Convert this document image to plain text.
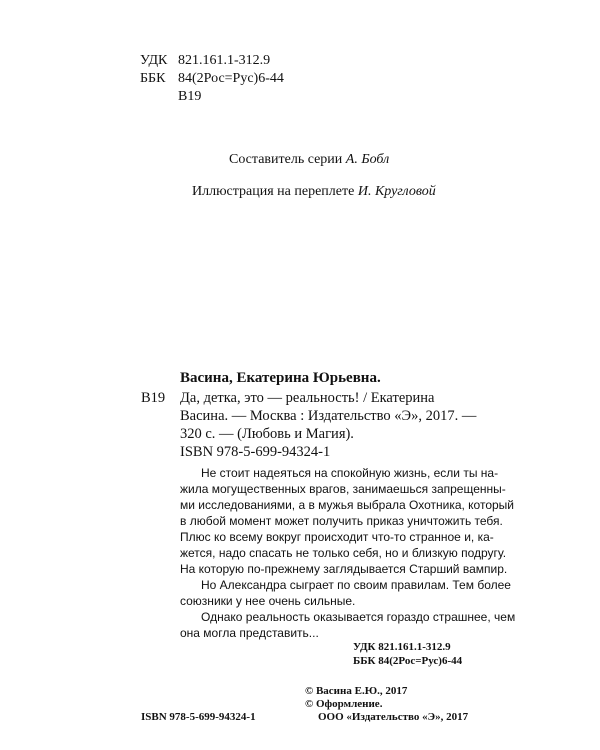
УДК 821.161.1-312.9
ББК 84(2Рос=Рус)6-44
В19
Составитель серии А. Бобл
Иллюстрация на переплете И. Кругловой
Васина, Екатерина Юрьевна.
В19 Да, детка, это — реальность! / Екатерина
Васина. — Москва : Издательство «Э», 2017. —
320 с. — (Любовь и Магия).
ISBN 978-5-699-94324-1
Не стоит надеяться на спокойную жизнь, если ты на-
жила могущественных врагов, занимаешься запрещенны-
ми исследованиями, а в мужья выбрала Охотника, который
в любой момент может получить приказ уничтожить тебя.
Плюс ко всему вокруг происходит что-то странное и, ка-
жется, надо спасать не только себя, но и близкую подругу.
На которую по-прежнему заглядывается Старший вампир.
Но Александра сыграет по своим правилам. Тем более
союзники у нее очень сильные.
Однако реальность оказывается гораздо страшнее, чем
она могла представить...
УДК 821.161.1-312.9
ББК 84(2Рос=Рус)6-44
© Васина Е.Ю., 2017
© Оформление.
ООО «Издательство «Э», 2017
ISBN 978-5-699-94324-1
